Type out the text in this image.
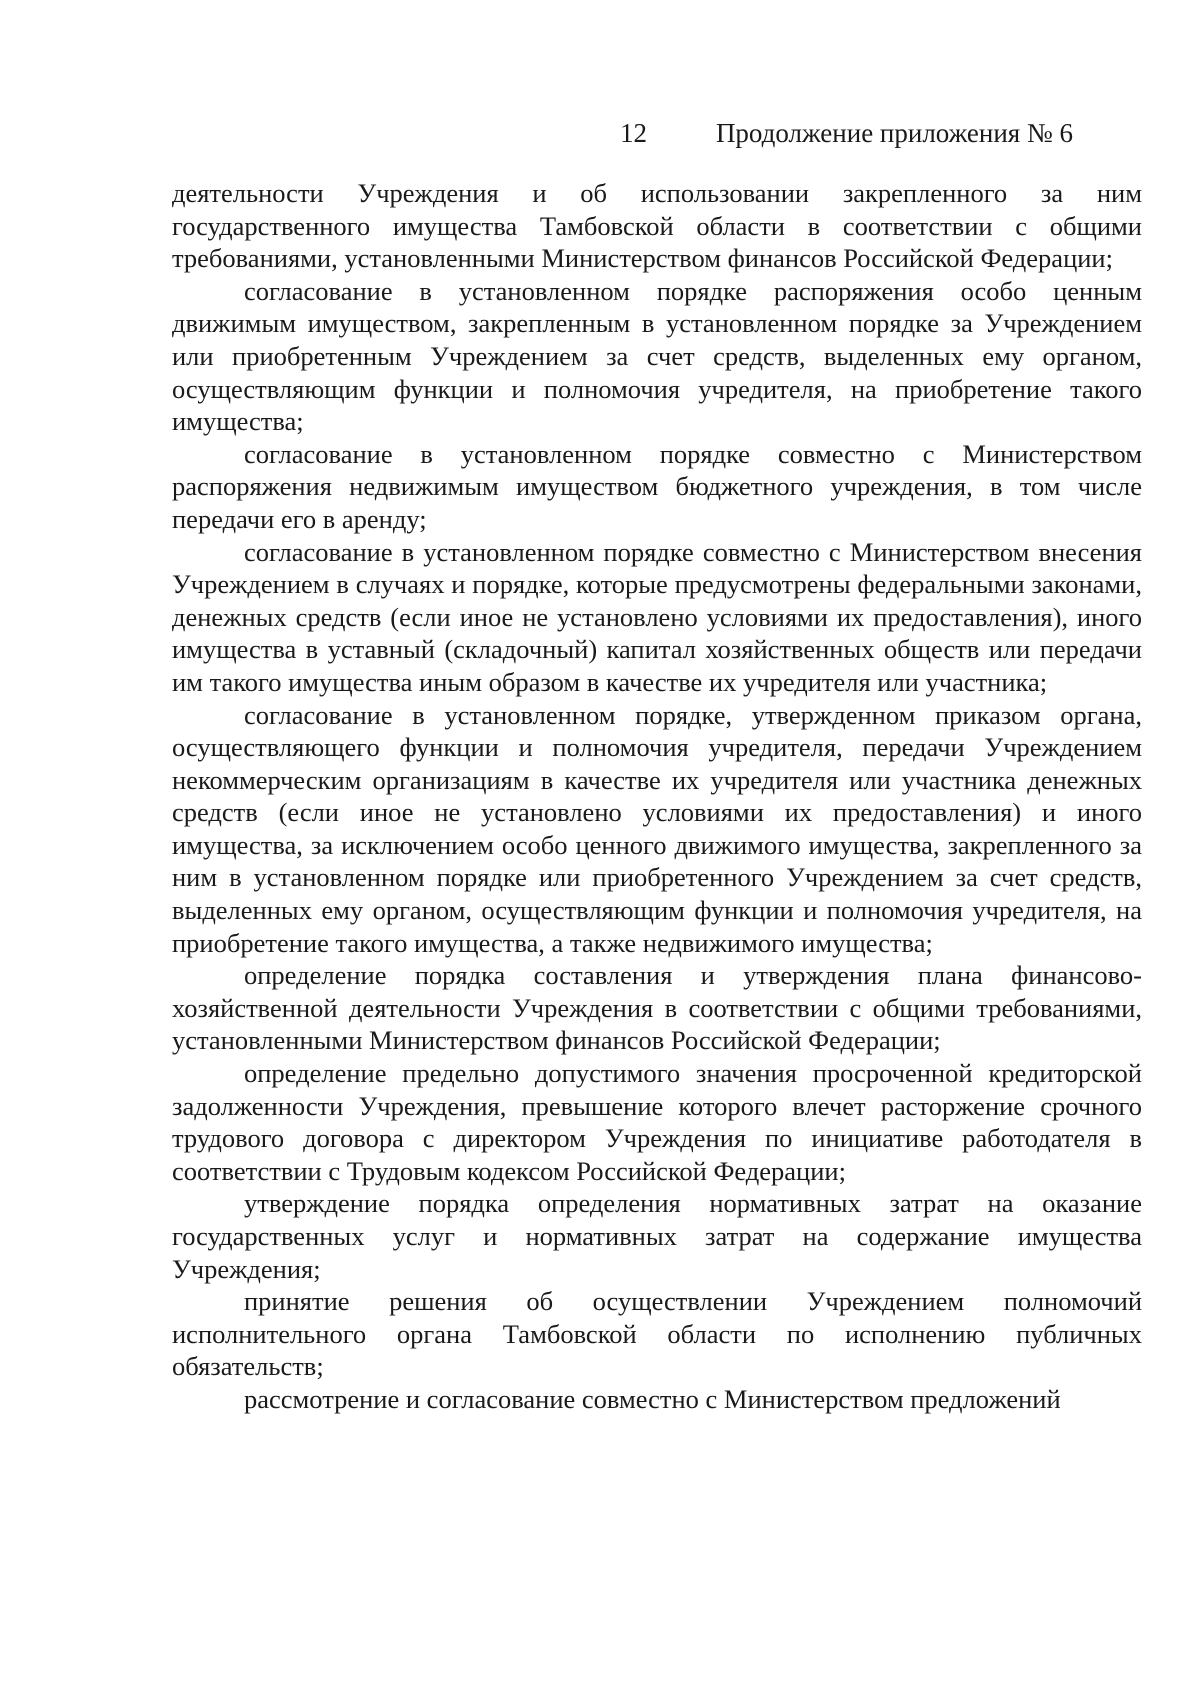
12	Продолжение приложения № 6

деятельности Учреждения и об использовании закрепленного за ним государственного имущества Тамбовской области в соответствии с общими требованиями, установленными Министерством финансов Российской Федерации;

согласование в установленном порядке распоряжения особо ценным движимым имуществом, закрепленным в установленном порядке за Учреждением или приобретенным Учреждением за счет средств, выделенных ему органом, осуществляющим функции и полномочия учредителя, на приобретение такого имущества;

согласование в установленном порядке совместно с Министерством распоряжения недвижимым имуществом бюджетного учреждения, в том числе передачи его в аренду;

согласование в установленном порядке совместно с Министерством внесения Учреждением в случаях и порядке, которые предусмотрены федеральными законами, денежных средств (если иное не установлено условиями их предоставления), иного имущества в уставный (складочный) капитал хозяйственных обществ или передачи им такого имущества иным образом в качестве их учредителя или участника;

согласование в установленном порядке, утвержденном приказом органа, осуществляющего функции и полномочия учредителя, передачи Учреждением некоммерческим организациям в качестве их учредителя или участника денежных средств (если иное не установлено условиями их предоставления) и иного имущества, за исключением особо ценного движимого имущества, закрепленного за ним в установленном порядке или приобретенного Учреждением за счет средств, выделенных ему органом, осуществляющим функции и полномочия учредителя, на приобретение такого имущества, а также недвижимого имущества;

определение порядка составления и утверждения плана финансово-хозяйственной деятельности Учреждения в соответствии с общими требованиями, установленными Министерством финансов Российской Федерации;

определение предельно допустимого значения просроченной кредиторской задолженности Учреждения, превышение которого влечет расторжение срочного трудового договора с директором Учреждения по инициативе работодателя в соответствии с Трудовым кодексом Российской Федерации;

утверждение порядка определения нормативных затрат на оказание государственных услуг и нормативных затрат на содержание имущества Учреждения;

принятие решения об осуществлении Учреждением полномочий исполнительного органа Тамбовской области по исполнению публичных обязательств;

рассмотрение и согласование совместно с Министерством предложений
